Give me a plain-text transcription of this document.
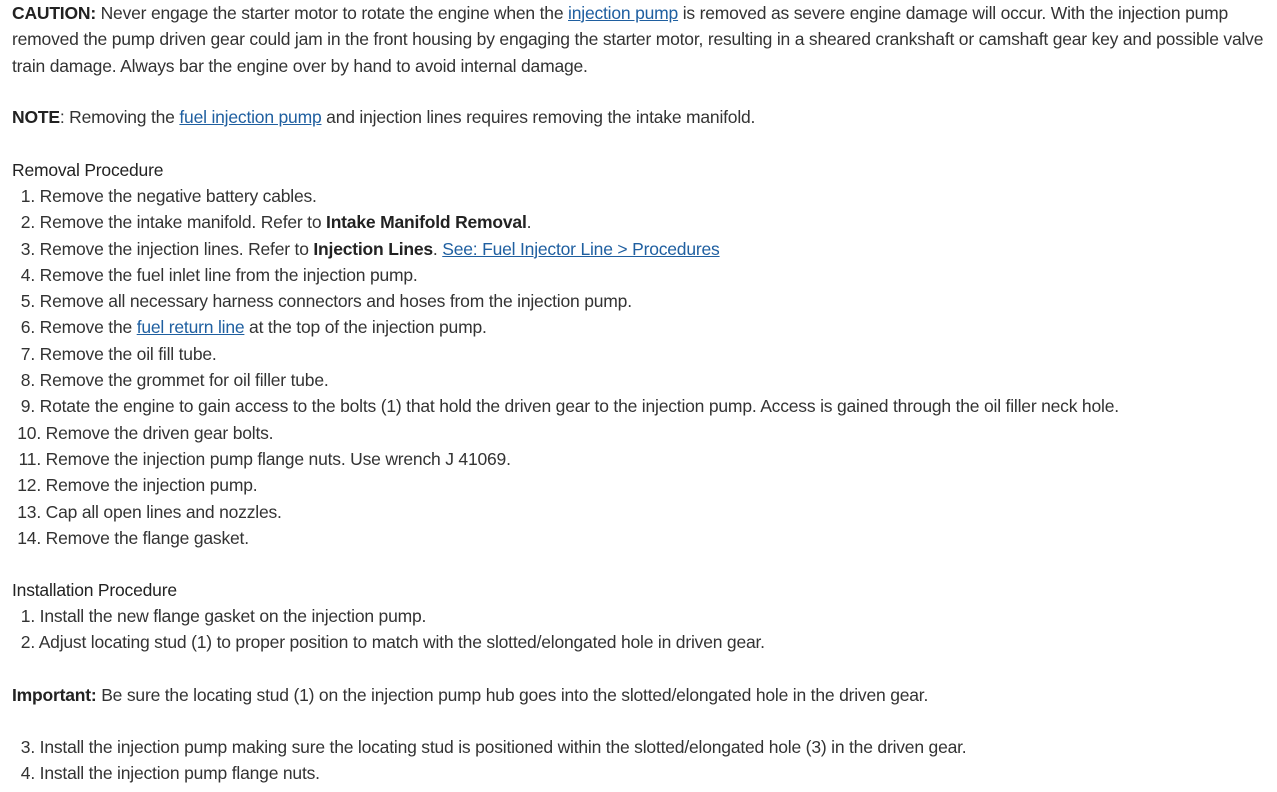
CAUTION: Never engage the starter motor to rotate the engine when the injection pump is removed as severe engine damage will occur. With the injection pump removed the pump driven gear could jam in the front housing by engaging the starter motor, resulting in a sheared crankshaft or camshaft gear key and possible valve train damage. Always bar the engine over by hand to avoid internal damage.

NOTE: Removing the fuel injection pump and injection lines requires removing the intake manifold.

Removal Procedure
1. Remove the negative battery cables.
2. Remove the intake manifold. Refer to Intake Manifold Removal.
3. Remove the injection lines. Refer to Injection Lines. See: Fuel Injector Line > Procedures
4. Remove the fuel inlet line from the injection pump.
5. Remove all necessary harness connectors and hoses from the injection pump.
6. Remove the fuel return line at the top of the injection pump.
7. Remove the oil fill tube.
8. Remove the grommet for oil filler tube.
9. Rotate the engine to gain access to the bolts (1) that hold the driven gear to the injection pump. Access is gained through the oil filler neck hole.
10. Remove the driven gear bolts.
11. Remove the injection pump flange nuts. Use wrench J 41069.
12. Remove the injection pump.
13. Cap all open lines and nozzles.
14. Remove the flange gasket.
Installation Procedure
1. Install the new flange gasket on the injection pump.
2. Adjust locating stud (1) to proper position to match with the slotted/elongated hole in driven gear.

Important: Be sure the locating stud (1) on the injection pump hub goes into the slotted/elongated hole in the driven gear.

3. Install the injection pump making sure the locating stud is positioned within the slotted/elongated hole (3) in the driven gear.
4. Install the injection pump flange nuts.
